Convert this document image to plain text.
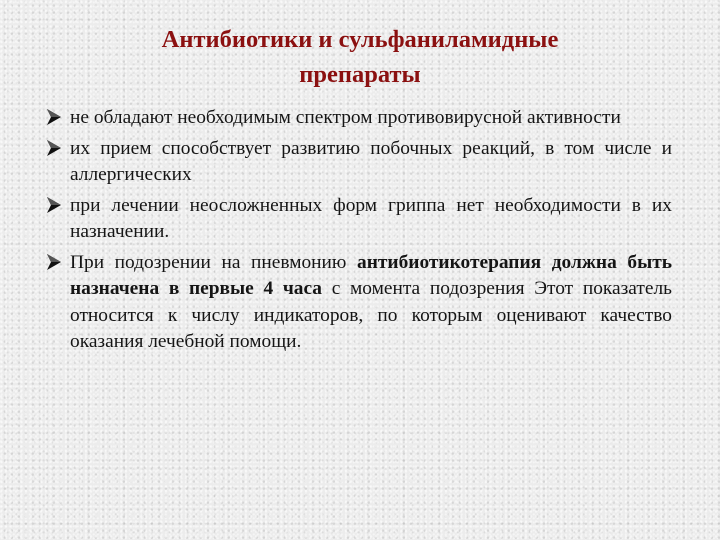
Антибиотики и сульфаниламидные
препараты
не обладают необходимым спектром противовирусной активности
их прием способствует развитию побочных реакций, в том числе и аллергических
при лечении неосложненных форм гриппа нет необходимости в их назначении.
При подозрении на пневмонию антибиотикотерапия должна быть назначена в первые 4 часа с момента подозрения Этот показатель относится к числу индикаторов, по которым оценивают качество оказания лечебной помощи.
